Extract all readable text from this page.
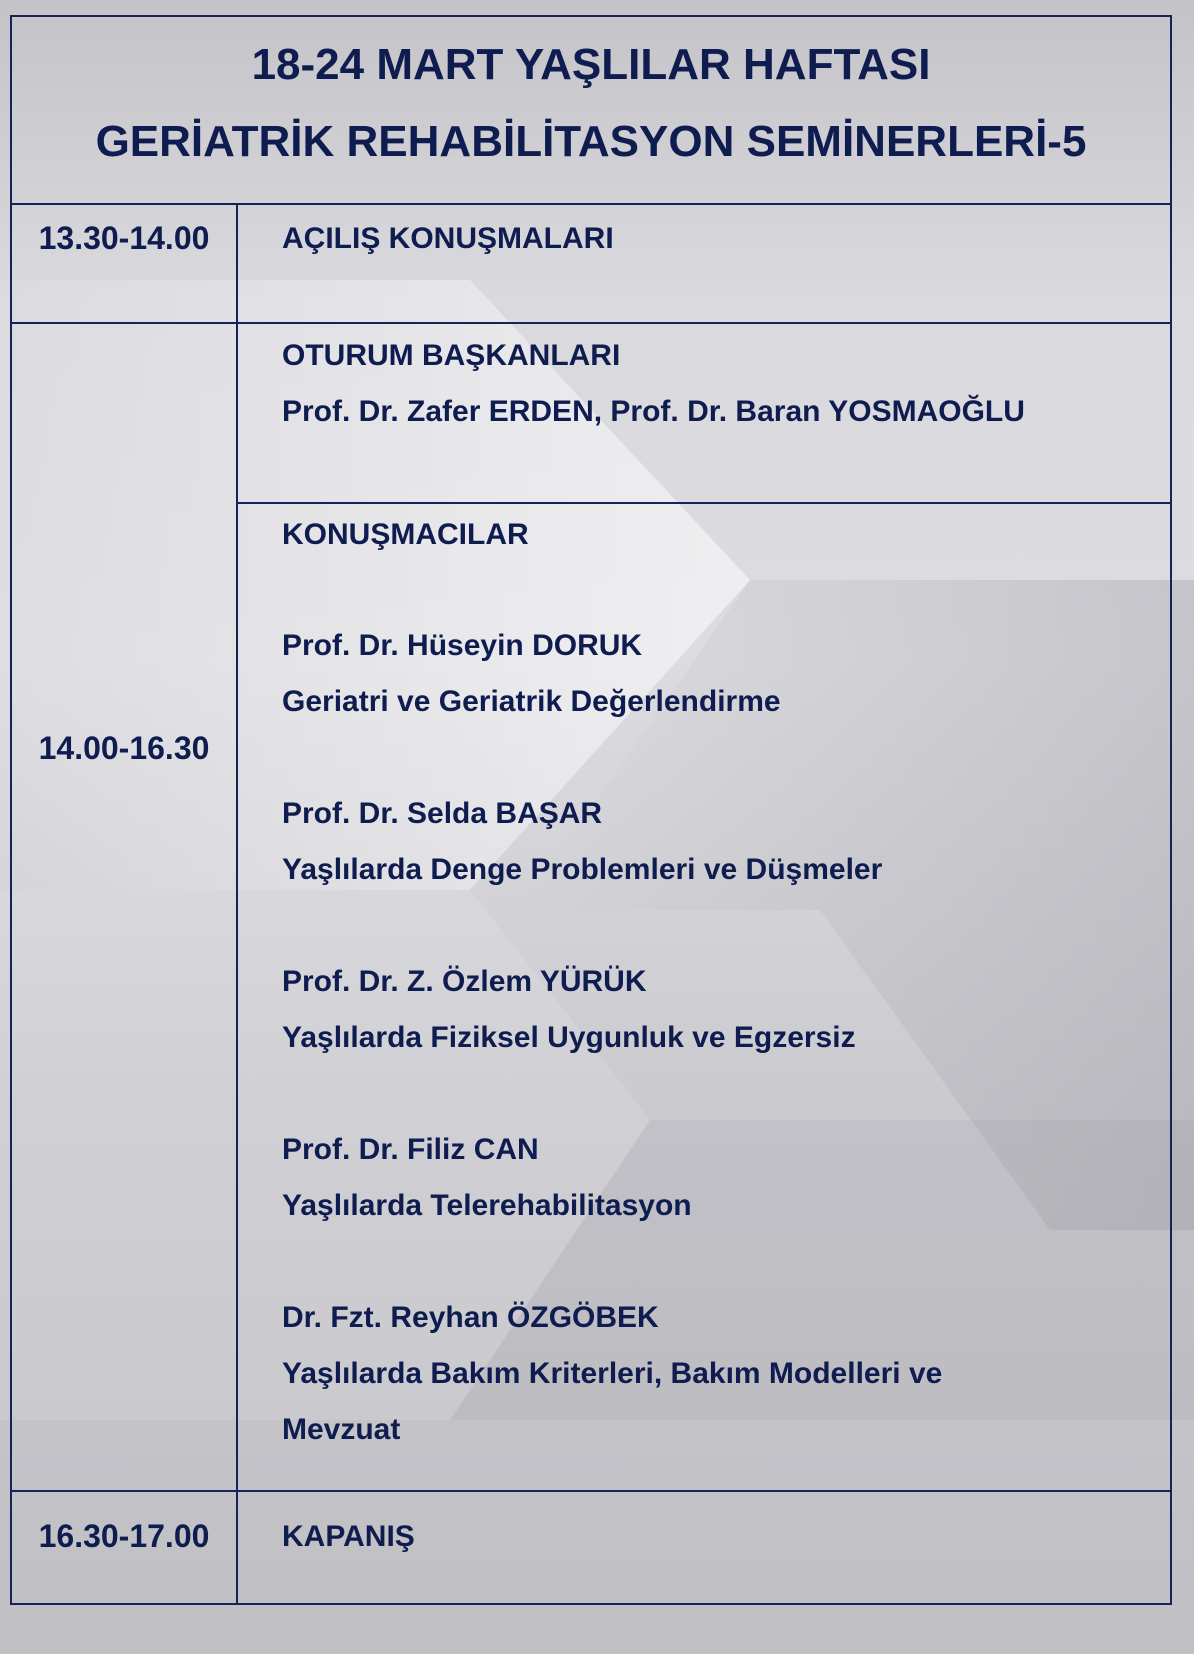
18-24 MART YAŞLILAR HAFTASI
GERİATRİK REHABİLİTASYON SEMİNERLERİ-5
13.30-14.00	AÇILIŞ KONUŞMALARI
OTURUM BAŞKANLARI
Prof. Dr. Zafer ERDEN, Prof. Dr. Baran YOSMAOĞLU
14.00-16.30
KONUŞMACILAR
Prof. Dr. Hüseyin DORUK
Geriatri ve Geriatrik Değerlendirme
Prof. Dr. Selda BAŞAR
Yaşlılarda Denge Problemleri ve Düşmeler
Prof. Dr. Z. Özlem YÜRÜK
Yaşlılarda Fiziksel Uygunluk ve Egzersiz
Prof. Dr. Filiz CAN
Yaşlılarda Telerehabilitasyon
Dr. Fzt. Reyhan ÖZGÖBEK
Yaşlılarda Bakım Kriterleri, Bakım Modelleri ve
Mevzuat
16.30-17.00	KAPANIŞ
